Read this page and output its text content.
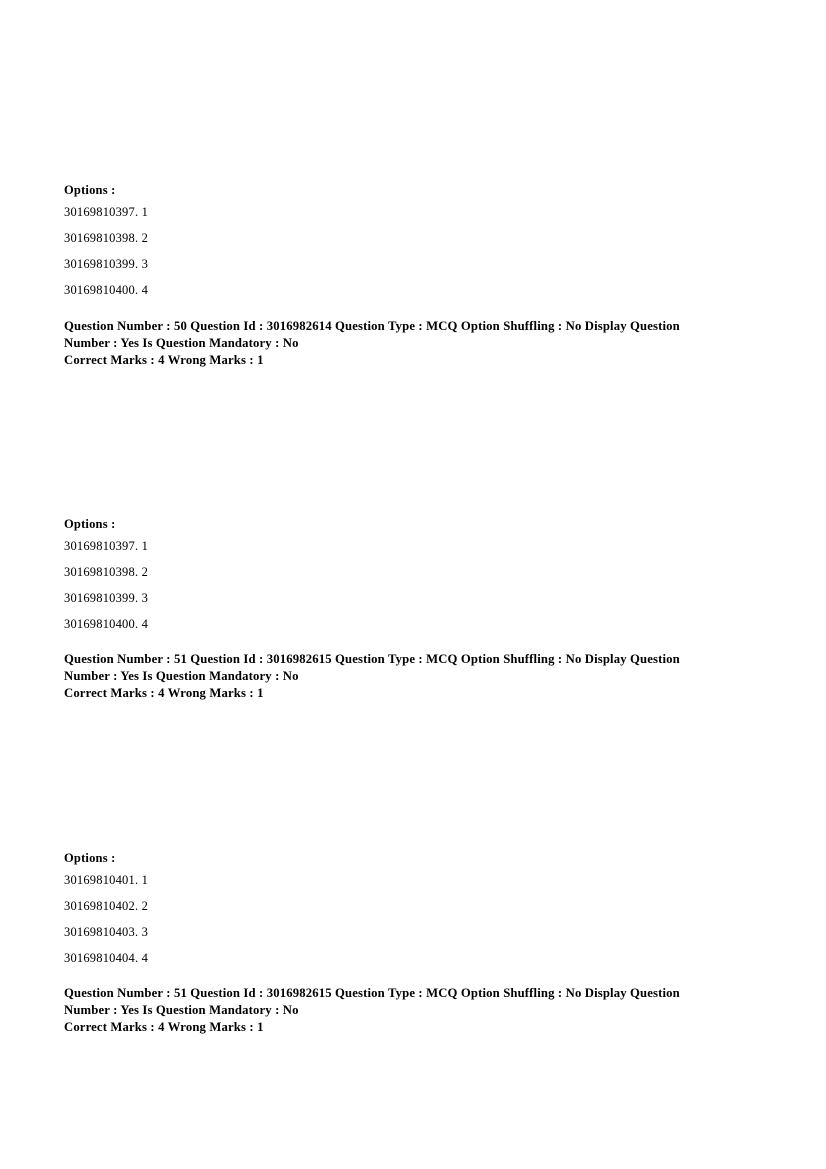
Options :
30169810397. 1
30169810398. 2
30169810399. 3
30169810400. 4
Question Number : 50 Question Id : 3016982614 Question Type : MCQ Option Shuffling : No Display Question
Number : Yes Is Question Mandatory : No
Correct Marks : 4 Wrong Marks : 1
Options :
30169810397. 1
30169810398. 2
30169810399. 3
30169810400. 4
Question Number : 51 Question Id : 3016982615 Question Type : MCQ Option Shuffling : No Display Question
Number : Yes Is Question Mandatory : No
Correct Marks : 4 Wrong Marks : 1
Options :
30169810401. 1
30169810402. 2
30169810403. 3
30169810404. 4
Question Number : 51 Question Id : 3016982615 Question Type : MCQ Option Shuffling : No Display Question
Number : Yes Is Question Mandatory : No
Correct Marks : 4 Wrong Marks : 1
